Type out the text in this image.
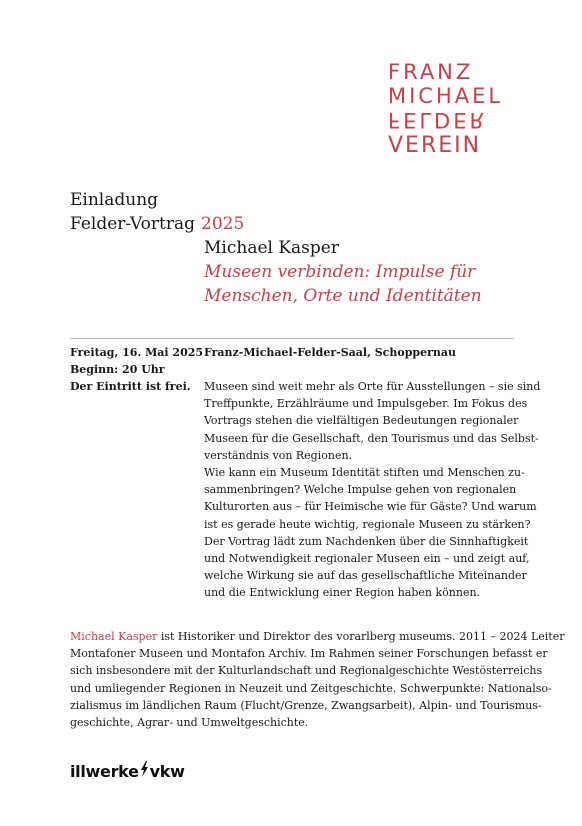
FRANZ
MICHAEL
FELDER
VEREIN
Einladung
Felder-Vortrag 2025
Michael Kasper
Museen verbinden: Impulse für
Menschen, Orte und Identitäten
Freitag, 16. Mai 2025
Beginn: 20 Uhr
Der Eintritt ist frei.
Franz-Michael-Felder-Saal, Schoppernau
Museen sind weit mehr als Orte für Ausstellungen – sie sind
Treffpunkte, Erzählräume und Impulsgeber. Im Fokus des
Vortrags stehen die vielfältigen Bedeutungen regionaler
Museen für die Gesellschaft, den Tourismus und das Selbst-
verständnis von Regionen.
Wie kann ein Museum Identität stiften und Menschen zu-
sammenbringen? Welche Impulse gehen von regionalen
Kulturorten aus – für Heimische wie für Gäste? Und warum
ist es gerade heute wichtig, regionale Museen zu stärken?
Der Vortrag lädt zum Nachdenken über die Sinnhaftigkeit
und Notwendigkeit regionaler Museen ein – und zeigt auf,
welche Wirkung sie auf das gesellschaftliche Miteinander
und die Entwicklung einer Region haben können.
Michael Kasper ist Historiker und Direktor des vorarlberg museums. 2011 – 2024 Leiter
Montafoner Museen und Montafon Archiv. Im Rahmen seiner Forschungen befasst er
sich insbesondere mit der Kulturlandschaft und Regionalgeschichte Westösterreichs
und umliegender Regionen in Neuzeit und Zeitgeschichte. Schwerpunkte: Nationalso-
zialismus im ländlichen Raum (Flucht/Grenze, Zwangsarbeit), Alpin- und Tourismus-
geschichte, Agrar- und Umweltgeschichte.
illwerke vkw
